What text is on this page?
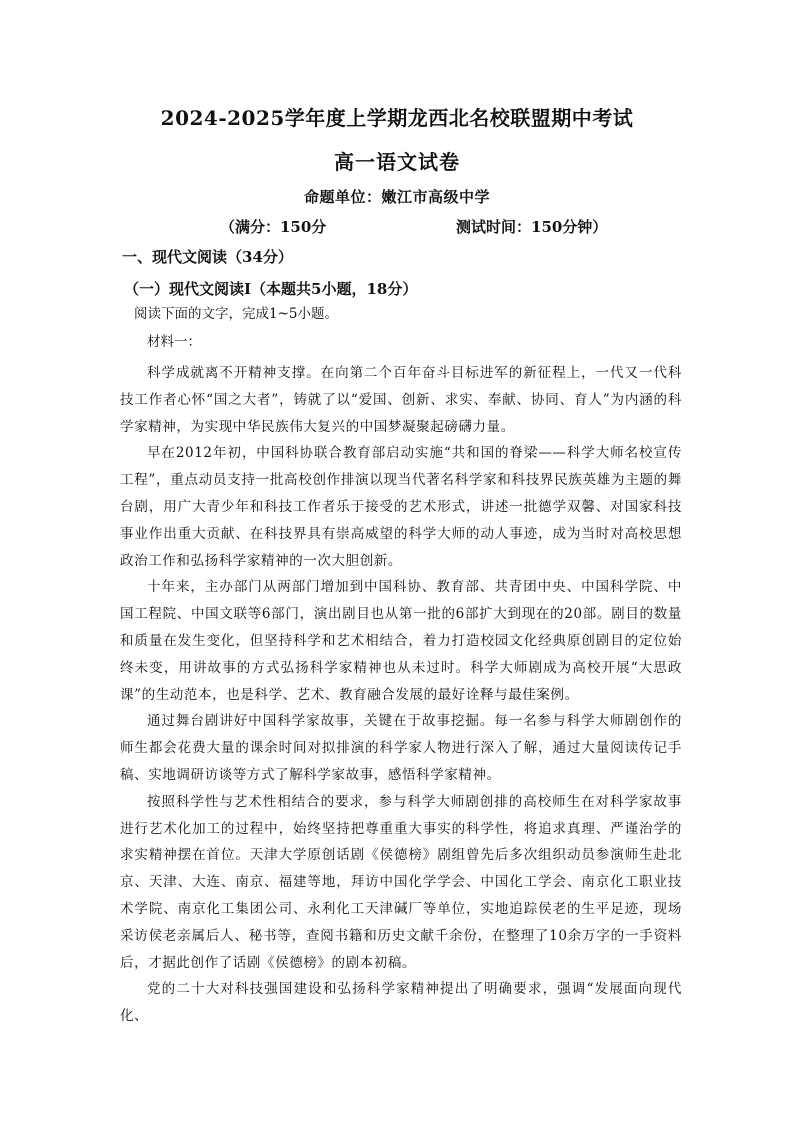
2024-2025学年度上学期龙西北名校联盟期中考试
高一语文试卷
命题单位：嫩江市高级中学
（满分：150分	测试时间：150分钟）
一、现代文阅读（34分）
（一）现代文阅读Ⅰ（本题共5小题，18分）
阅读下面的文字，完成1~5小题。
材料一：

科学成就离不开精神支撑。在向第二个百年奋斗目标进军的新征程上，一代又一代科技工作者心怀“国之大者”，铸就了以“爱国、创新、求实、奉献、协同、育人”为内涵的科学家精神，为实现中华民族伟大复兴的中国梦凝聚起磅礴力量。

早在2012年初，中国科协联合教育部启动实施“共和国的脊梁——科学大师名校宣传工程”，重点动员支持一批高校创作排演以现当代著名科学家和科技界民族英雄为主题的舞台剧，用广大青少年和科技工作者乐于接受的艺术形式，讲述一批德学双馨、对国家科技事业作出重大贡献、在科技界具有崇高威望的科学大师的动人事迹，成为当时对高校思想政治工作和弘扬科学家精神的一次大胆创新。

十年来，主办部门从两部门增加到中国科协、教育部、共青团中央、中国科学院、中国工程院、中国文联等6部门，演出剧目也从第一批的6部扩大到现在的20部。剧目的数量和质量在发生变化，但坚持科学和艺术相结合，着力打造校园文化经典原创剧目的定位始终未变，用讲故事的方式弘扬科学家精神也从未过时。科学大师剧成为高校开展“大思政课”的生动范本，也是科学、艺术、教育融合发展的最好诠释与最佳案例。

通过舞台剧讲好中国科学家故事，关键在于故事挖掘。每一名参与科学大师剧创作的师生都会花费大量的课余时间对拟排演的科学家人物进行深入了解，通过大量阅读传记手稿、实地调研访谈等方式了解科学家故事，感悟科学家精神。

按照科学性与艺术性相结合的要求，参与科学大师剧创排的高校师生在对科学家故事进行艺术化加工的过程中，始终坚持把尊重重大事实的科学性，将追求真理、严谨治学的求实精神摆在首位。天津大学原创话剧《侯德榜》剧组曾先后多次组织动员参演师生赴北京、天津、大连、南京、福建等地，拜访中国化学学会、中国化工学会、南京化工职业技术学院、南京化工集团公司、永利化工天津碱厂等单位，实地追踪侯老的生平足迹，现场采访侯老亲属后人、秘书等，查阅书籍和历史文献千余份，在整理了10余万字的一手资料后，才据此创作了话剧《侯德榜》的剧本初稿。

党的二十大对科技强国建设和弘扬科学家精神提出了明确要求，强调“发展面向现代化、
